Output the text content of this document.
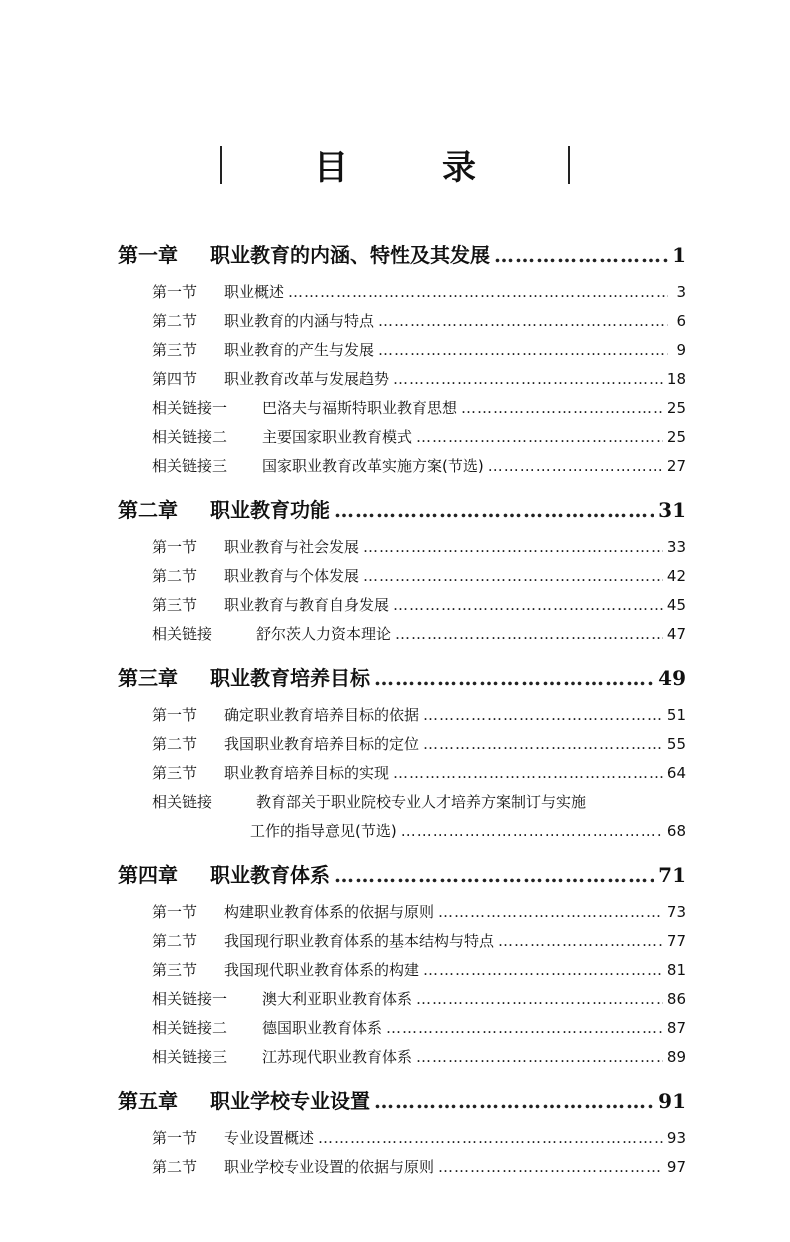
目　录
第一章	职业教育的内涵、特性及其发展 ………………………………………………………………………………………………………………………………………………	1
第一节	职业概述 ………………………………………………………………………………………………………………………………………………	3
第二节	职业教育的内涵与特点 ………………………………………………………………………………………………………………………………………………	6
第三节	职业教育的产生与发展 ………………………………………………………………………………………………………………………………………………	9
第四节	职业教育改革与发展趋势 ………………………………………………………………………………………………………………………………………………	18
相关链接一	巴洛夫与福斯特职业教育思想 ………………………………………………………………………………………………………………………………………………	25
相关链接二	主要国家职业教育模式 ………………………………………………………………………………………………………………………………………………	25
相关链接三	国家职业教育改革实施方案(节选) ………………………………………………………………………………………………………………………………………………	27
第二章	职业教育功能 ………………………………………………………………………………………………………………………………………………	31
第一节	职业教育与社会发展 ………………………………………………………………………………………………………………………………………………	33
第二节	职业教育与个体发展 ………………………………………………………………………………………………………………………………………………	42
第三节	职业教育与教育自身发展 ………………………………………………………………………………………………………………………………………………	45
相关链接	舒尔茨人力资本理论 ………………………………………………………………………………………………………………………………………………	47
第三章	职业教育培养目标 ………………………………………………………………………………………………………………………………………………	49
第一节	确定职业教育培养目标的依据 ………………………………………………………………………………………………………………………………………………	51
第二节	我国职业教育培养目标的定位 ………………………………………………………………………………………………………………………………………………	55
第三节	职业教育培养目标的实现 ………………………………………………………………………………………………………………………………………………	64
相关链接	教育部关于职业院校专业人才培养方案制订与实施
工作的指导意见(节选) ………………………………………………………………………………………………………………………………………………	68
第四章	职业教育体系 ………………………………………………………………………………………………………………………………………………	71
第一节	构建职业教育体系的依据与原则 ………………………………………………………………………………………………………………………………………………	73
第二节	我国现行职业教育体系的基本结构与特点 ………………………………………………………………………………………………………………………………………………	77
第三节	我国现代职业教育体系的构建 ………………………………………………………………………………………………………………………………………………	81
相关链接一	澳大利亚职业教育体系 ………………………………………………………………………………………………………………………………………………	86
相关链接二	德国职业教育体系 ………………………………………………………………………………………………………………………………………………	87
相关链接三	江苏现代职业教育体系 ………………………………………………………………………………………………………………………………………………	89
第五章	职业学校专业设置 ………………………………………………………………………………………………………………………………………………	91
第一节	专业设置概述 ………………………………………………………………………………………………………………………………………………	93
第二节	职业学校专业设置的依据与原则 ………………………………………………………………………………………………………………………………………………	97
